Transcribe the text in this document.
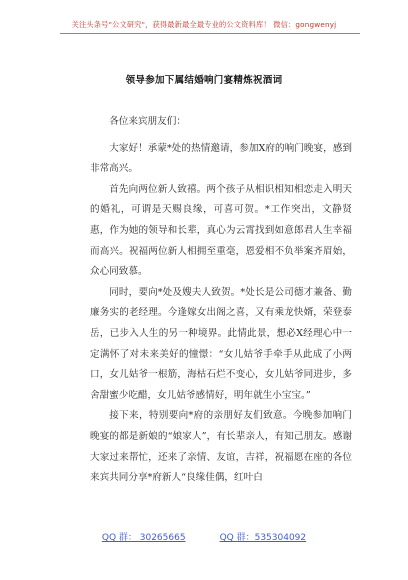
关注头条号"公文研究"，获得最新最全最专业的公文资料库！ 微信：gongwenyj
领导参加下属结婚响门宴精炼祝酒词

各位来宾朋友们：

大家好！承蒙*处的热情邀请，参加X府的响门晚宴，感到非常高兴。

首先向两位新人致禧。两个孩子从相识相知相恋走入明天的婚礼，可谓是天赐良缘，可喜可贺。*工作突出，文静贤惠，作为她的领导和长辈，真心为云霄找到如意郎君人生幸福而高兴。祝福两位新人相拥至重毫，恩爱相不负举案齐眉始，众心同致慕。

同时，要向*处及嫂夫人致贺。*处长是公司德才兼备、勤廉务实的老经理。今逢嫁女出阁之喜，又有乘龙快婿，荣登泰岳，已步入人生的另一种境界。此情此景，想必X经理心中一定满怀了对未来美好的憧憬：“女儿姑爷手牵手从此成了小两口，女儿姑爷一根筋，海枯石烂不变心，女儿姑爷同进步，多舍甜蜜少吃醋，女儿姑爷感情好，明年就生小宝宝。”

接下来，特别要向*府的亲朋好友们致意。今晚参加响门晚宴的都是新娘的“娘家人”，有长辈亲人，有知己朋友。感谢大家过来帮忙，还来了亲情、友谊，吉祥，祝福愿在座的各位来宾共同分享*府新人“良缘佳偶，红叶白

QQ 群： 30265665	QQ 群：535304092
